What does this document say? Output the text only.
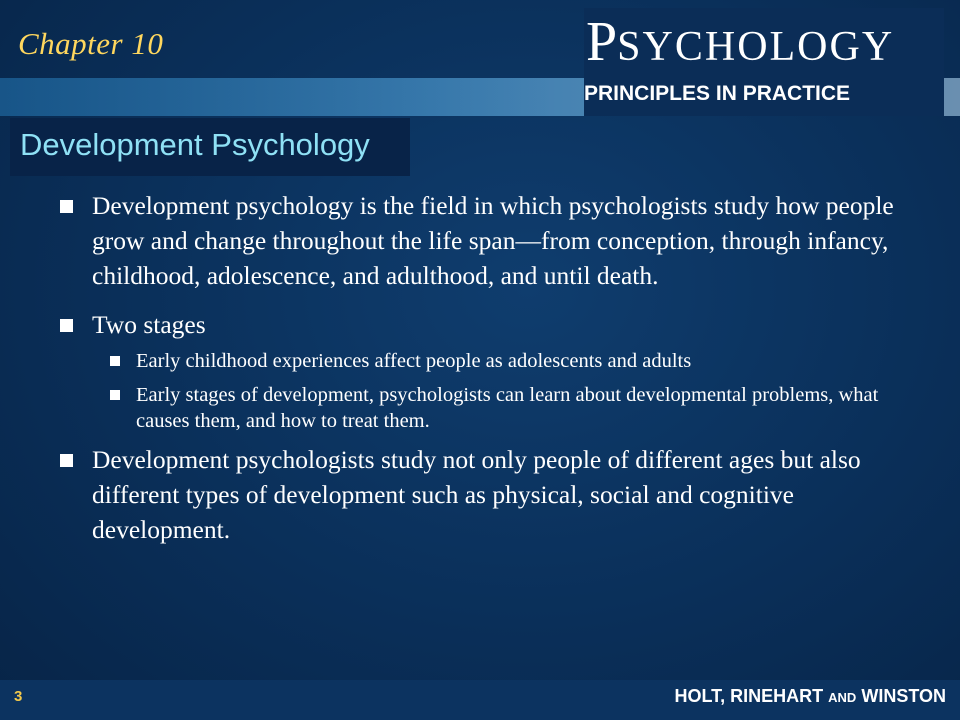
Chapter 10	PSYCHOLOGY
PRINCIPLES IN PRACTICE
Development Psychology
Development psychology is the field in which psychologists study how people grow and change throughout the life span—from conception, through infancy, childhood, adolescence, and adulthood, and until death.
Two stages
Early childhood experiences affect people as adolescents and adults
Early stages of development, psychologists can learn about developmental problems, what causes them, and how to treat them.
Development psychologists study not only people of different ages but also different types of development such as physical, social and cognitive development.
3	HOLT, RINEHART AND WINSTON
